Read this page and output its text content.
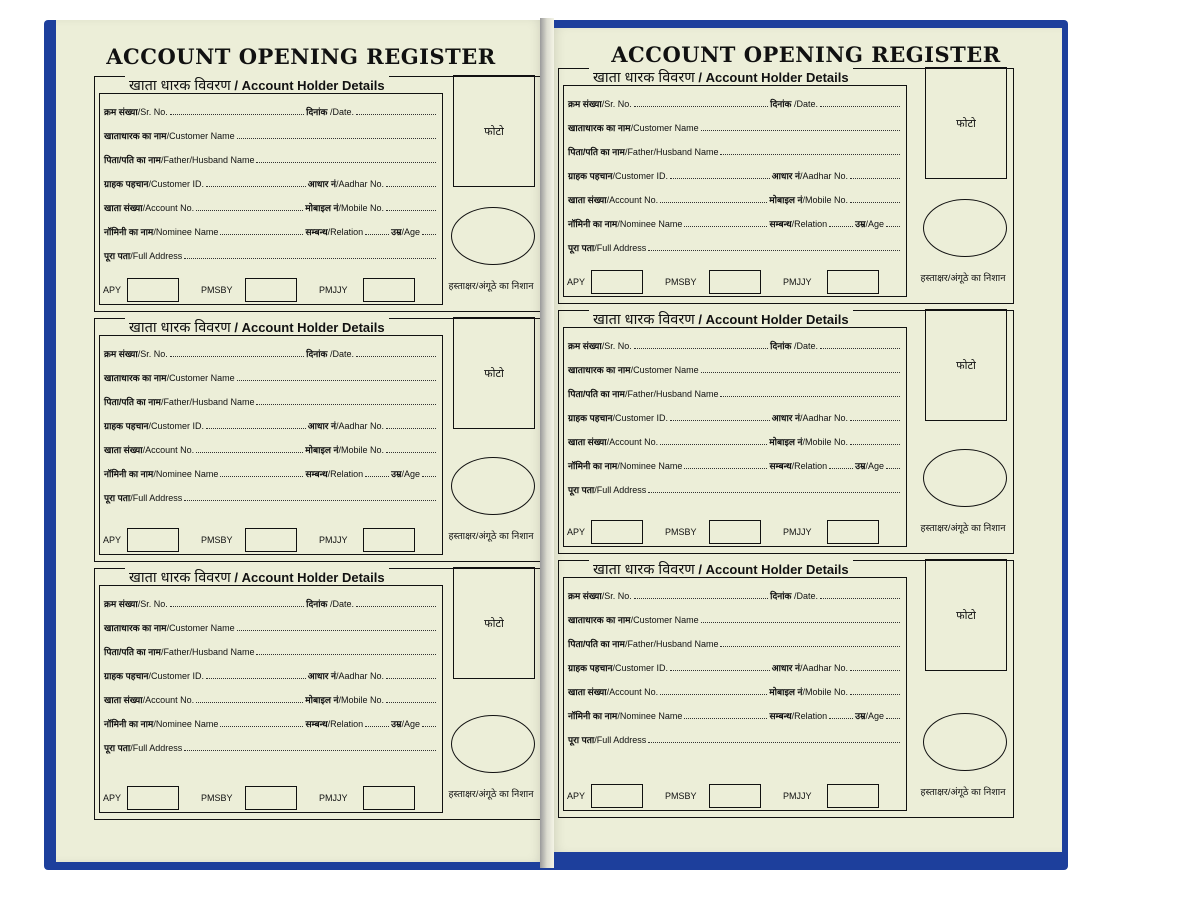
ACCOUNT OPENING REGISTER
खाता धारक विवरण / Account Holder Details
क्रम संख्या/Sr. No.	दिनांक /Date.
खाताधारक का नाम/Customer Name
पिता/पति का नाम/Father/Husband Name
ग्राहक पहचान/Customer ID.	आधार नं/Aadhar No.
खाता संख्या/Account No.	मोबाइल नं/Mobile No.
नॉमिनी का नाम/Nominee Name	सम्बन्ध/Relation	उम्र/Age
पूरा पता/Full Address
APY	PMSBY	PMJJY
फोटो
हस्ताक्षर/अंगूठे का निशान
खाता धारक विवरण / Account Holder Details
क्रम संख्या/Sr. No.	दिनांक /Date.
खाताधारक का नाम/Customer Name
पिता/पति का नाम/Father/Husband Name
ग्राहक पहचान/Customer ID.	आधार नं/Aadhar No.
खाता संख्या/Account No.	मोबाइल नं/Mobile No.
नॉमिनी का नाम/Nominee Name	सम्बन्ध/Relation	उम्र/Age
पूरा पता/Full Address
APY	PMSBY	PMJJY
फोटो
हस्ताक्षर/अंगूठे का निशान
खाता धारक विवरण / Account Holder Details
क्रम संख्या/Sr. No.	दिनांक /Date.
खाताधारक का नाम/Customer Name
पिता/पति का नाम/Father/Husband Name
ग्राहक पहचान/Customer ID.	आधार नं/Aadhar No.
खाता संख्या/Account No.	मोबाइल नं/Mobile No.
नॉमिनी का नाम/Nominee Name	सम्बन्ध/Relation	उम्र/Age
पूरा पता/Full Address
APY	PMSBY	PMJJY
फोटो
हस्ताक्षर/अंगूठे का निशान
ACCOUNT OPENING REGISTER
खाता धारक विवरण / Account Holder Details
क्रम संख्या/Sr. No.	दिनांक /Date.
खाताधारक का नाम/Customer Name
पिता/पति का नाम/Father/Husband Name
ग्राहक पहचान/Customer ID.	आधार नं/Aadhar No.
खाता संख्या/Account No.	मोबाइल नं/Mobile No.
नॉमिनी का नाम/Nominee Name	सम्बन्ध/Relation	उम्र/Age
पूरा पता/Full Address
APY	PMSBY	PMJJY
फोटो
हस्ताक्षर/अंगूठे का निशान
खाता धारक विवरण / Account Holder Details
क्रम संख्या/Sr. No.	दिनांक /Date.
खाताधारक का नाम/Customer Name
पिता/पति का नाम/Father/Husband Name
ग्राहक पहचान/Customer ID.	आधार नं/Aadhar No.
खाता संख्या/Account No.	मोबाइल नं/Mobile No.
नॉमिनी का नाम/Nominee Name	सम्बन्ध/Relation	उम्र/Age
पूरा पता/Full Address
APY	PMSBY	PMJJY
फोटो
हस्ताक्षर/अंगूठे का निशान
खाता धारक विवरण / Account Holder Details
क्रम संख्या/Sr. No.	दिनांक /Date.
खाताधारक का नाम/Customer Name
पिता/पति का नाम/Father/Husband Name
ग्राहक पहचान/Customer ID.	आधार नं/Aadhar No.
खाता संख्या/Account No.	मोबाइल नं/Mobile No.
नॉमिनी का नाम/Nominee Name	सम्बन्ध/Relation	उम्र/Age
पूरा पता/Full Address
APY	PMSBY	PMJJY
फोटो
हस्ताक्षर/अंगूठे का निशान
